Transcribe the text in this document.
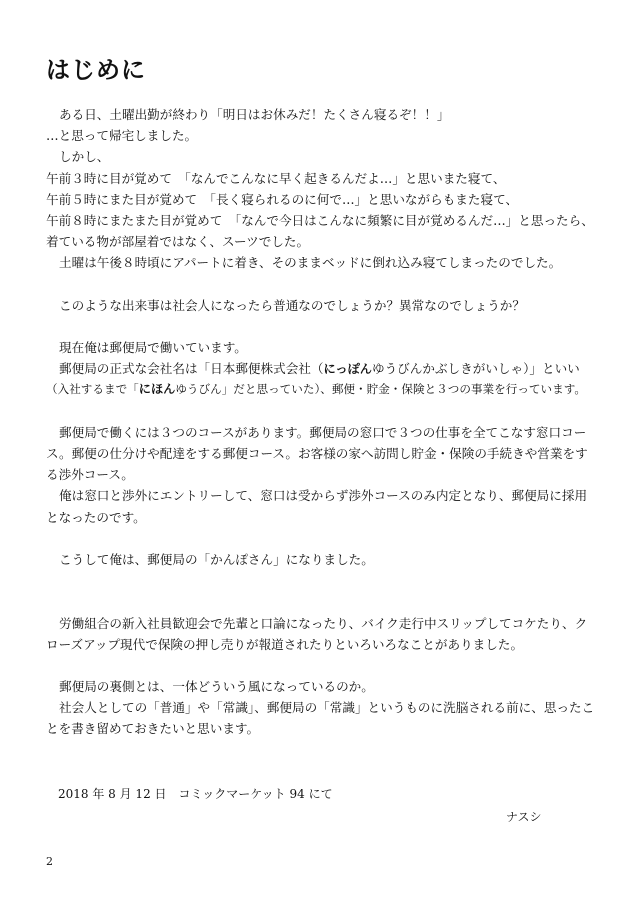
はじめに
ある日、土曜出勤が終わり「明日はお休みだ！たくさん寝るぞ！！」
…と思って帰宅しました。
しかし、
午前３時に目が覚めて　「なんでこんなに早く起きるんだよ…」と思いまた寝て、
午前５時にまた目が覚めて　「長く寝られるのに何で…」と思いながらもまた寝て、
午前８時にまたまた目が覚めて　「なんで今日はこんなに頻繁に目が覚めるんだ…」と思ったら、
着ている物が部屋着ではなく、スーツでした。
土曜は午後８時頃にアパートに着き、そのままベッドに倒れ込み寝てしまったのでした。
このような出来事は社会人になったら普通なのでしょうか？異常なのでしょうか？
現在俺は郵便局で働いています。
郵便局の正式な会社名は「日本郵便株式会社（にっぽんゆうびんかぶしきがいしゃ）」といい
（入社するまで「にほんゆうびん」だと思っていた）、郵便・貯金・保険と３つの事業を行っています。
郵便局で働くには３つのコースがあります。郵便局の窓口で３つの仕事を全てこなす窓口コー
ス。郵便の仕分けや配達をする郵便コース。お客様の家へ訪問し貯金・保険の手続きや営業をす
る渉外コース。
俺は窓口と渉外にエントリーして、窓口は受からず渉外コースのみ内定となり、郵便局に採用
となったのです。
こうして俺は、郵便局の「かんぽさん」になりました。
労働組合の新入社員歓迎会で先輩と口論になったり、バイク走行中スリップしてコケたり、ク
ローズアップ現代で保険の押し売りが報道されたりといろいろなことがありました。
郵便局の裏側とは、一体どういう風になっているのか。
社会人としての「普通」や「常識」、郵便局の「常識」というものに洗脳される前に、思ったこ
とを書き留めておきたいと思います。
2018 年 8 月 12 日　コミックマーケット 94 にて
ナスシ
2
